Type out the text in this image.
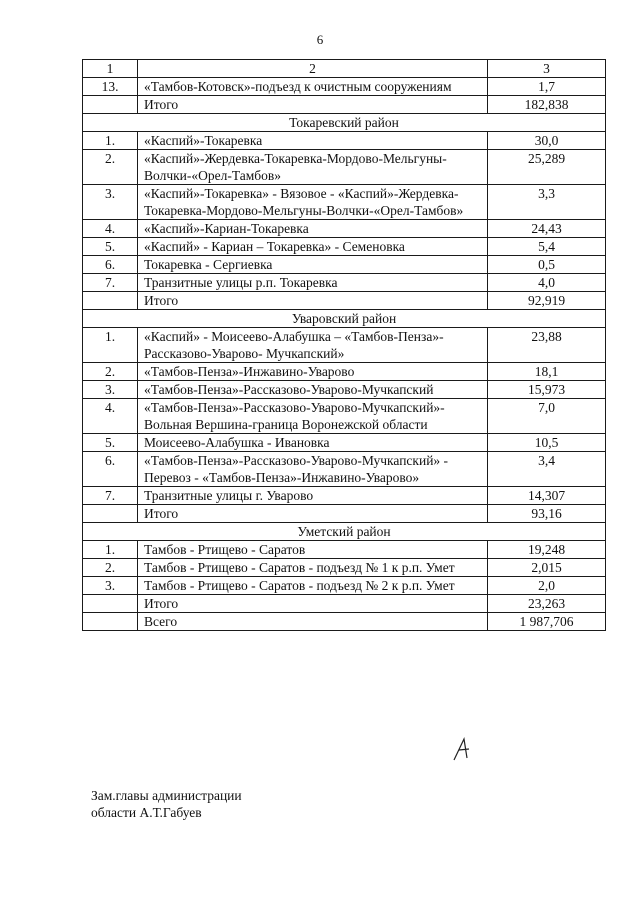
6
1	2	3
13.	«Тамбов-Котовск»-подъезд к очистным сооружениям	1,7
	Итого	182,838
Токаревский район		
1.	«Каспий»-Токаревка	30,0
2.	«Каспий»-Жердевка-Токаревка-Мордово-Мельгуны-Волчки-«Орел-Тамбов»	25,289
3.	«Каспий»-Токаревка» - Вязовое - «Каспий»-Жердевка-Токаревка-Мордово-Мельгуны-Волчки-«Орел-Тамбов»	3,3
4.	«Каспий»-Кариан-Токаревка	24,43
5.	«Каспий» - Кариан – Токаревка» - Семеновка	5,4
6.	Токаревка - Сергиевка	0,5
7.	Транзитные улицы р.п. Токаревка	4,0
	Итого	92,919
Уваровский район		
1.	«Каспий» - Моисеево-Алабушка – «Тамбов-Пенза»-Рассказово-Уварово- Мучкапский»	23,88
2.	«Тамбов-Пенза»-Инжавино-Уварово	18,1
3.	«Тамбов-Пенза»-Рассказово-Уварово-Мучкапский	15,973
4.	«Тамбов-Пенза»-Рассказово-Уварово-Мучкапский»-Вольная Вершина-граница Воронежской области	7,0
5.	Моисеево-Алабушка - Ивановка	10,5
6.	«Тамбов-Пенза»-Рассказово-Уварово-Мучкапский» - Перевоз - «Тамбов-Пенза»-Инжавино-Уварово»	3,4
7.	Транзитные улицы г. Уварово	14,307
	Итого	93,16
Уметский район		
1.	Тамбов - Ртищево - Саратов	19,248
2.	Тамбов - Ртищево - Саратов - подъезд № 1 к р.п. Умет	2,015
3.	Тамбов - Ртищево - Саратов - подъезд № 2 к р.п. Умет	2,0
	Итого	23,263
	Всего	1 987,706
Зам.главы администрации
области А.Т.Габуев
